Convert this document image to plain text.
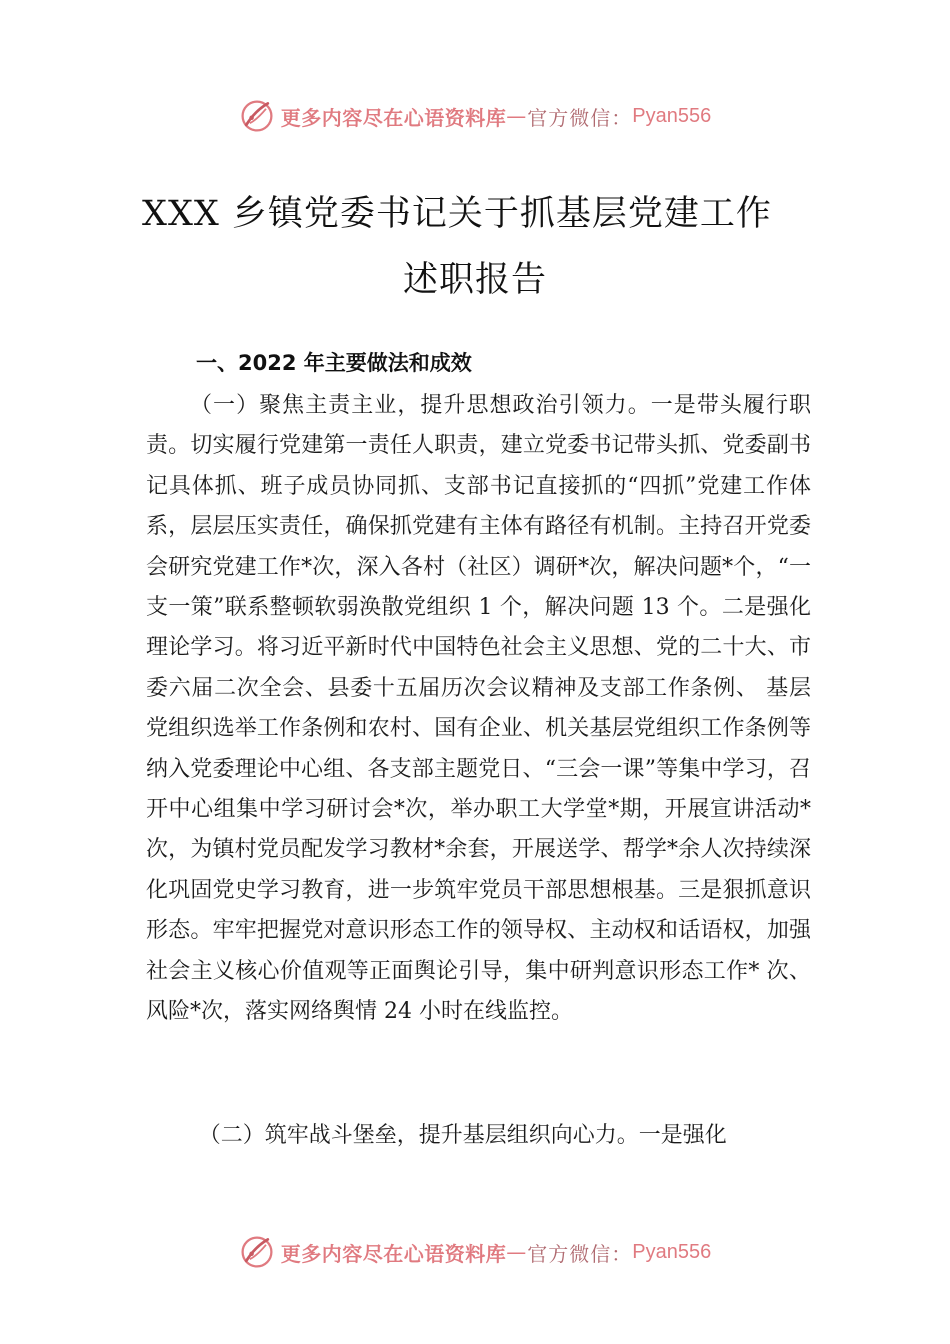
更多内容尽在心语资料库 — 官方微信： Pyan556
XXX 乡镇党委书记关于抓基层党建工作
述职报告
一、2022 年主要做法和成效
（一）聚焦主责主业，提升思想政治引领力。一是带头履行职责。切实履行党建第一责任人职责，建立党委书记带头抓、党委副书记具体抓、班子成员协同抓、支部书记直接抓的“四抓”党建工作体系，层层压实责任，确保抓党建有主体有路径有机制。主持召开党委会研究党建工作*次，深入各村（社区）调研*次，解决问题*个，“一支一策”联系整顿软弱涣散党组织 1 个，解决问题 13 个。二是强化理论学习。将习近平新时代中国特色社会主义思想、党的二十大、市委六届二次全会、县委十五届历次会议精神及支部工作条例、 基层党组织选举工作条例和农村、国有企业、机关基层党组织工作条例等纳入党委理论中心组、各支部主题党日、“三会一课”等集中学习，召开中心组集中学习研讨会*次，举办职工大学堂*期，开展宣讲活动*次，为镇村党员配发学习教材*余套，开展送学、帮学*余人次持续深化巩固党史学习教育，进一步筑牢党员干部思想根基。三是狠抓意识形态。牢牢把握党对意识形态工作的领导权、主动权和话语权，加强社会主义核心价值观等正面舆论引导，集中研判意识形态工作* 次、风险*次，落实网络舆情 24 小时在线监控。
（二）筑牢战斗堡垒，提升基层组织向心力。一是强化
更多内容尽在心语资料库 — 官方微信： Pyan556
